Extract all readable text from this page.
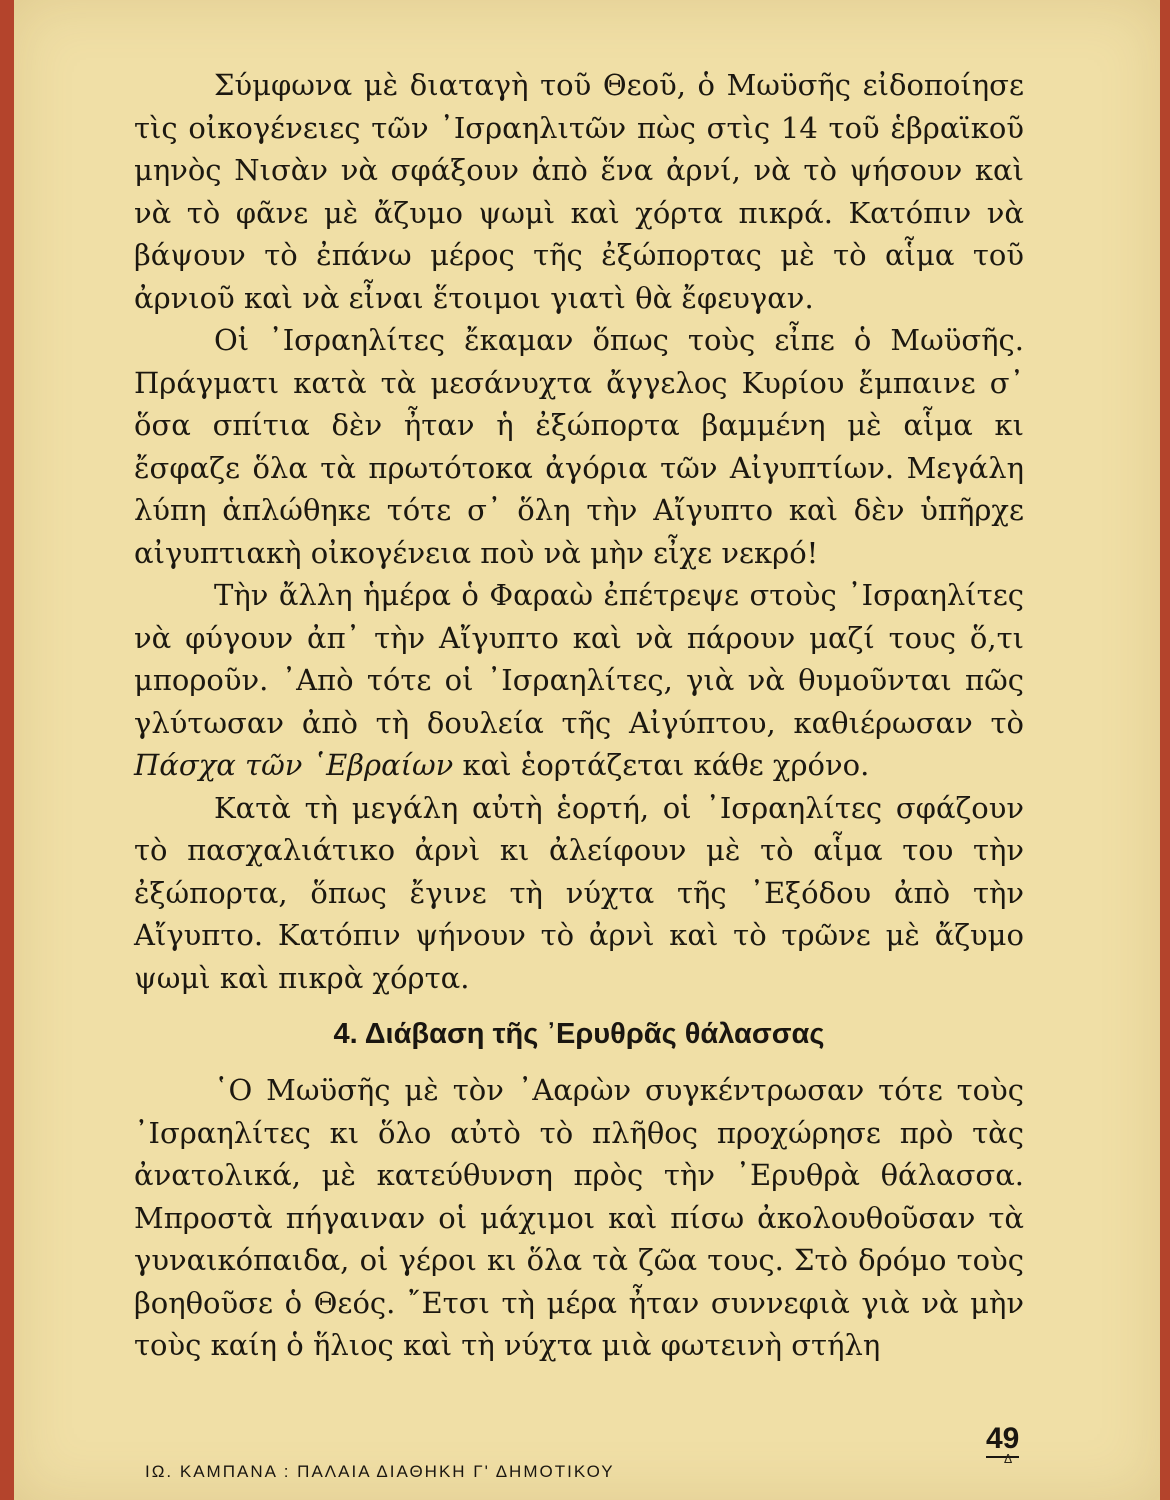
Σύμφωνα μὲ διαταγὴ τοῦ Θεοῦ, ὁ Μωϋσῆς εἰδοποίησε τὶς οἰκογένειες τῶν ᾿Ισραηλιτῶν πὼς στὶς 14 τοῦ ἑβραϊκοῦ μηνὸς Νισὰν νὰ σφάξουν ἀπὸ ἕνα ἀρνί, νὰ τὸ ψήσουν καὶ νὰ τὸ φᾶνε μὲ ἄζυμο ψωμὶ καὶ χόρτα πικρά. Κατόπιν νὰ βάψουν τὸ ἐπάνω μέρος τῆς ἐξώπορτας μὲ τὸ αἷμα τοῦ ἀρνιοῦ καὶ νὰ εἶναι ἕτοιμοι γιατὶ θὰ ἔφευγαν.

Οἱ ᾿Ισραηλίτες ἔκαμαν ὅπως τοὺς εἶπε ὁ Μωϋσῆς. Πράγματι κατὰ τὰ μεσάνυχτα ἄγγελος Κυρίου ἔμπαινε σ᾿ ὅσα σπίτια δὲν ἦταν ἡ ἐξώπορτα βαμμένη μὲ αἷμα κι ἔσφαζε ὅλα τὰ πρωτότοκα ἀγόρια τῶν Αἰγυπτίων. Μεγάλη λύπη ἁπλώθηκε τότε σ᾿ ὅλη τὴν Αἴγυπτο καὶ δὲν ὑπῆρχε αἰγυπτιακὴ οἰκογένεια ποὺ νὰ μὴν εἶχε νεκρό!

Τὴν ἄλλη ἡμέρα ὁ Φαραὼ ἐπέτρεψε στοὺς ᾿Ισραηλίτες νὰ φύγουν ἀπ᾿ τὴν Αἴγυπτο καὶ νὰ πάρουν μαζί τους ὅ,τι μποροῦν. ᾿Απὸ τότε οἱ ᾿Ισραηλίτες, γιὰ νὰ θυμοῦνται πῶς γλύτωσαν ἀπὸ τὴ δουλεία τῆς Αἰγύπτου, καθιέρωσαν τὸ Πάσχα τῶν ῾Εβραίων καὶ ἑορτάζεται κάθε χρόνο.

Κατὰ τὴ μεγάλη αὐτὴ ἑορτή, οἱ ᾿Ισραηλίτες σφάζουν τὸ πασχαλιάτικο ἀρνὶ κι ἀλείφουν μὲ τὸ αἷμα του τὴν ἐξώπορτα, ὅπως ἔγινε τὴ νύχτα τῆς ᾿Εξόδου ἀπὸ τὴν Αἴγυπτο. Κατόπιν ψήνουν τὸ ἀρνὶ καὶ τὸ τρῶνε μὲ ἄζυμο ψωμὶ καὶ πικρὰ χόρτα.

4. Διάβαση τῆς ᾿Ερυθρᾶς θάλασσας

῾Ο Μωϋσῆς μὲ τὸν ᾿Ααρὼν συγκέντρωσαν τότε τοὺς ᾿Ισραηλίτες κι ὅλο αὐτὸ τὸ πλῆθος προχώρησε πρὸ τὰς ἀνατολικά, μὲ κατεύθυνση πρὸς τὴν ᾿Ερυθρὰ θάλασσα. Μπροστὰ πήγαιναν οἱ μάχιμοι καὶ πίσω ἀκολουθοῦσαν τὰ γυναικόπαιδα, οἱ γέροι κι ὅλα τὰ ζῶα τους. Στὸ δρόμο τοὺς βοηθοῦσε ὁ Θεός. ῎Ετσι τὴ μέρα ἦταν συννεφιὰ γιὰ νὰ μὴν τοὺς καίη ὁ ἥλιος καὶ τὴ νύχτα μιὰ φωτεινὴ στήλη

49
ΙΩ. ΚΑΜΠΑΝΑ : ΠΑΛΑΙΑ ΔΙΑΘΗΚΗ Γ' ΔΗΜΟΤΙΚΟΥ
Δ
